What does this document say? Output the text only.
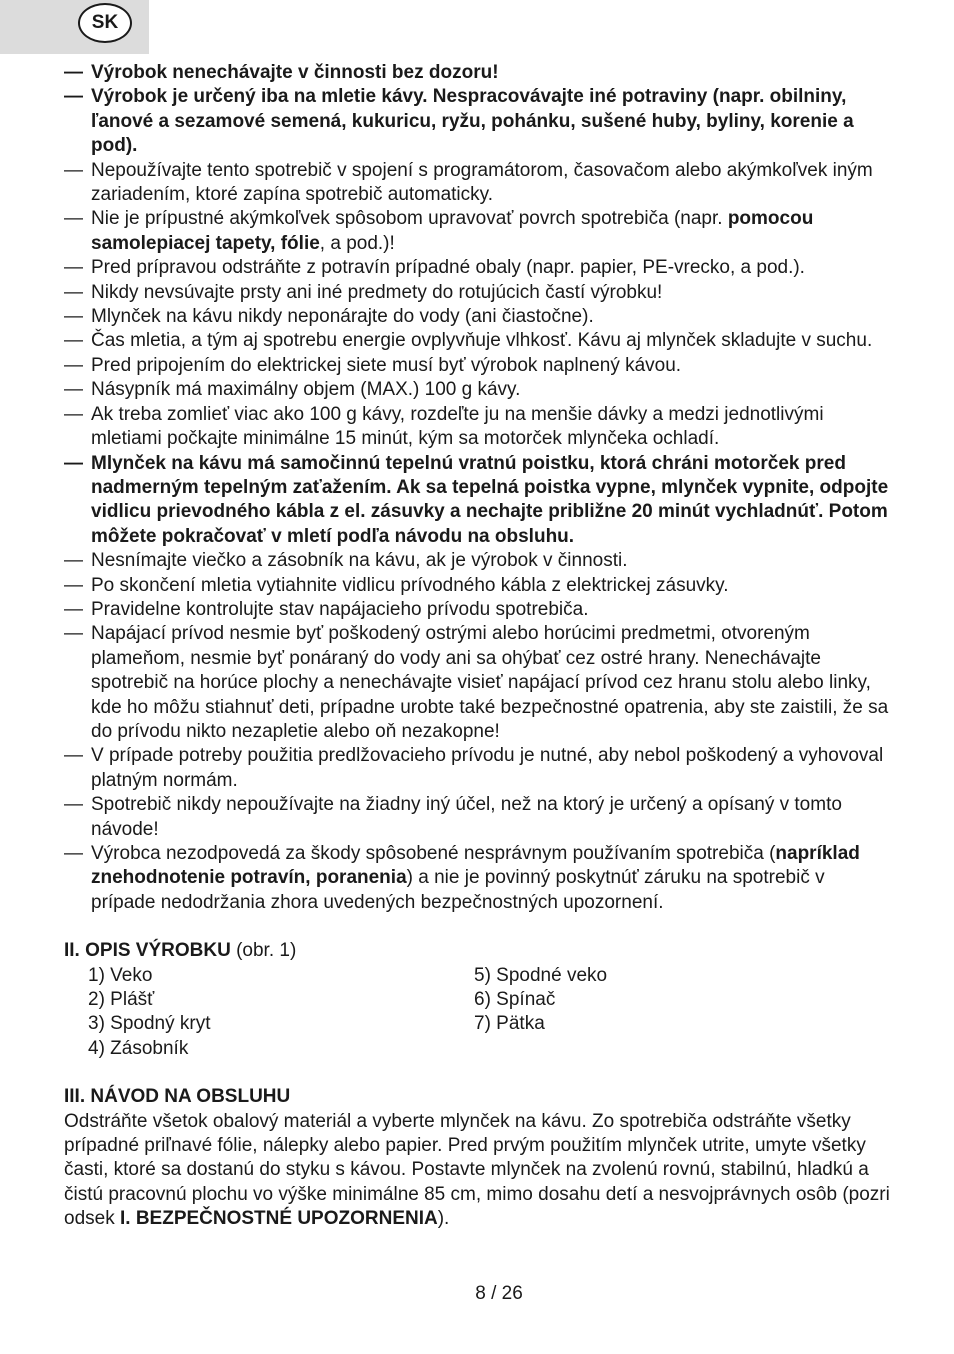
SK
— Výrobok nenechávajte v činnosti bez dozoru!
— Výrobok je určený iba na mletie kávy. Nespracovávajte iné potraviny (napr. obilniny, ľanové a sezamové semená, kukuricu, ryžu, pohánku, sušené huby, byliny, korenie a pod).
— Nepoužívajte tento spotrebič v spojení s programátorom, časovačom alebo akýmkoľvek iným zariadením, ktoré zapína spotrebič automaticky.
— Nie je prípustné akýmkoľvek spôsobom upravovať povrch spotrebiča (napr. pomocou samolepiacej tapety, fólie, a pod.)!
— Pred prípravou odstráňte z potravín prípadné obaly (napr. papier, PE-vrecko, a pod.).
— Nikdy nevsúvajte prsty ani iné predmety do rotujúcich častí výrobku!
— Mlynček na kávu nikdy neponárajte do vody (ani čiastočne).
— Čas mletia, a tým aj spotrebu energie ovplyvňuje vlhkosť. Kávu aj mlynček skladujte v suchu.
— Pred pripojením do elektrickej siete musí byť výrobok naplnený kávou.
— Násypník má maximálny objem (MAX.) 100 g kávy.
— Ak treba zomlieť viac ako 100 g kávy, rozdeľte ju na menšie dávky a medzi jednotlivými mletiami počkajte minimálne 15 minút, kým sa motorček mlynčeka ochladí.
— Mlynček na kávu má samočinnú tepelnú vratnú poistku, ktorá chráni motorček pred nadmerným tepelným zaťažením. Ak sa tepelná poistka vypne, mlynček vypnite, odpojte vidlicu prievodného kábla z el. zásuvky a nechajte približne 20 minút vychladnúť. Potom môžete pokračovať v mletí podľa návodu na obsluhu.
— Nesnímajte viečko a zásobník na kávu, ak je výrobok v činnosti.
— Po skončení mletia vytiahnite vidlicu prívodného kábla z elektrickej zásuvky.
— Pravidelne kontrolujte stav napájacieho prívodu spotrebiča.
— Napájací prívod nesmie byť poškodený ostrými alebo horúcimi predmetmi, otvoreným plameňom, nesmie byť ponáraný do vody ani sa ohýbať cez ostré hrany. Nenechávajte spotrebič na horúce plochy a nenechávajte visieť napájací prívod cez hranu stolu alebo linky, kde ho môžu stiahnuť deti, prípadne urobte také bezpečnostné opatrenia, aby ste zaistili, že sa do prívodu nikto nezapletie alebo oň nezakopne!
— V prípade potreby použitia predlžovacieho prívodu je nutné, aby nebol poškodený a vyhovoval platným normám.
— Spotrebič nikdy nepoužívajte na žiadny iný účel, než na ktorý je určený a opísaný v tomto návode!
— Výrobca nezodpovedá za škody spôsobené nesprávnym používaním spotrebiča (napríklad znehodnotenie potravín, poranenia) a nie je povinný poskytnúť záruku na spotrebič v prípade nedodržania zhora uvedených bezpečnostných upozornení.
II. OPIS VÝROBKU (obr. 1)
1) Veko
2) Plášť
3) Spodný kryt
4) Zásobník
5) Spodné veko
6) Spínač
7) Pätka
III. NÁVOD NA OBSLUHU
Odstráňte všetok obalový materiál a vyberte mlynček na kávu. Zo spotrebiča odstráňte všetky prípadné priľnavé fólie, nálepky alebo papier. Pred prvým použitím mlynček utrite, umyte všetky časti, ktoré sa dostanú do styku s kávou. Postavte mlynček na zvolenú rovnú, stabilnú, hladkú a čistú pracovnú plochu vo výške minimálne 85 cm, mimo dosahu detí a nesvojprávnych osôb (pozri odsek I. BEZPEČNOSTNÉ UPOZORNENIA).
8 / 26
